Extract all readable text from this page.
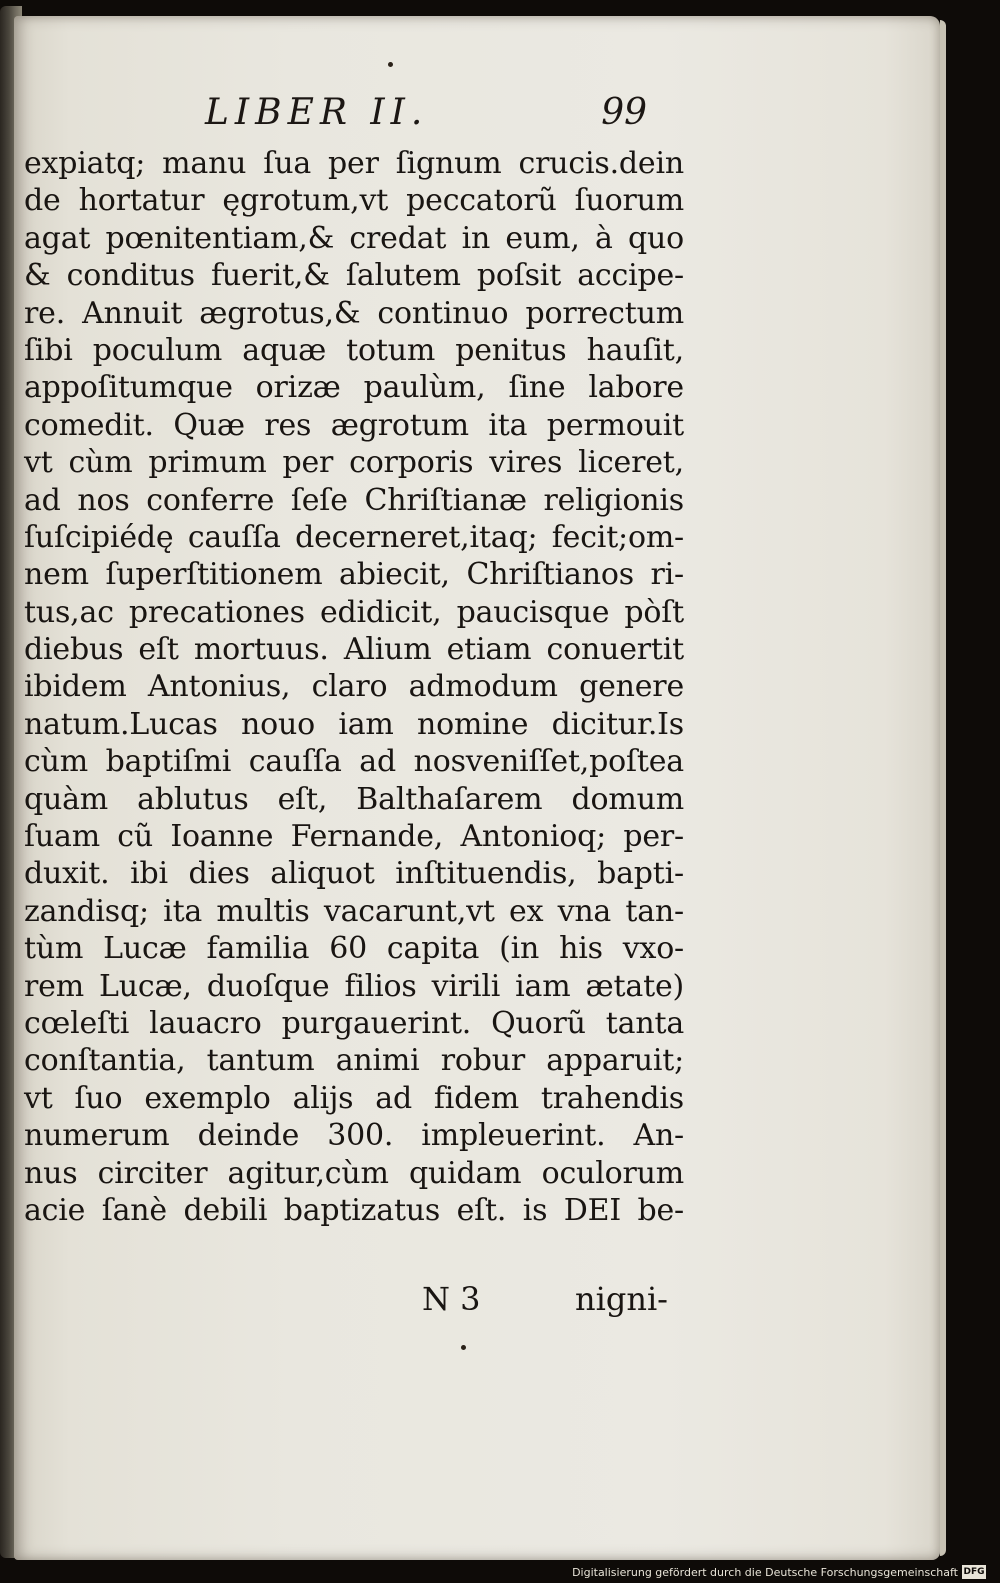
LIBER II.	99
expiatq; manu ſua per ſignum crucis.dein
de hortatur ęgrotum,vt peccatorũ ſuorum
agat pœnitentiam,& credat in eum, à quo
& conditus fuerit,& ſalutem poſsit accipe-
re. Annuit ægrotus,& continuo porrectum
ſibi poculum aquæ totum penitus hauſit,
appoſitumque orizæ paulùm, ſine labore
comedit. Quæ res ægrotum ita permouit
vt cùm primum per corporis vires liceret,
ad nos conferre ſeſe Chriſtianæ religionis
ſuſcipiédę cauſſa decerneret,itaq; fecit;om-
nem ſuperſtitionem abiecit, Chriſtianos ri-
tus,ac precationes edidicit, paucisque pòſt
diebus eſt mortuus. Alium etiam conuertit
ibidem Antonius, claro admodum genere
natum.Lucas nouo iam nomine dicitur.Is
cùm baptiſmi cauſſa ad nosveniſſet,poſtea
quàm ablutus eſt, Balthaſarem domum
ſuam cũ Ioanne Fernande, Antonioq; per-
duxit. ibi dies aliquot inſtituendis, bapti-
zandisq; ita multis vacarunt,vt ex vna tan-
tùm Lucæ familia 60 capita (in his vxo-
rem Lucæ, duoſque filios virili iam ætate)
cœleſti lauacro purgauerint. Quorũ tanta
conſtantia, tantum animi robur apparuit;
vt ſuo exemplo alijs ad fidem trahendis
numerum deinde 300. impleuerint. An-
nus circiter agitur,cùm quidam oculorum
acie ſanè debili baptizatus eſt. is DEI be-
N 3	nigni-
Digitalisierung gefördert durch die Deutsche Forschungsgemeinschaft DFG
